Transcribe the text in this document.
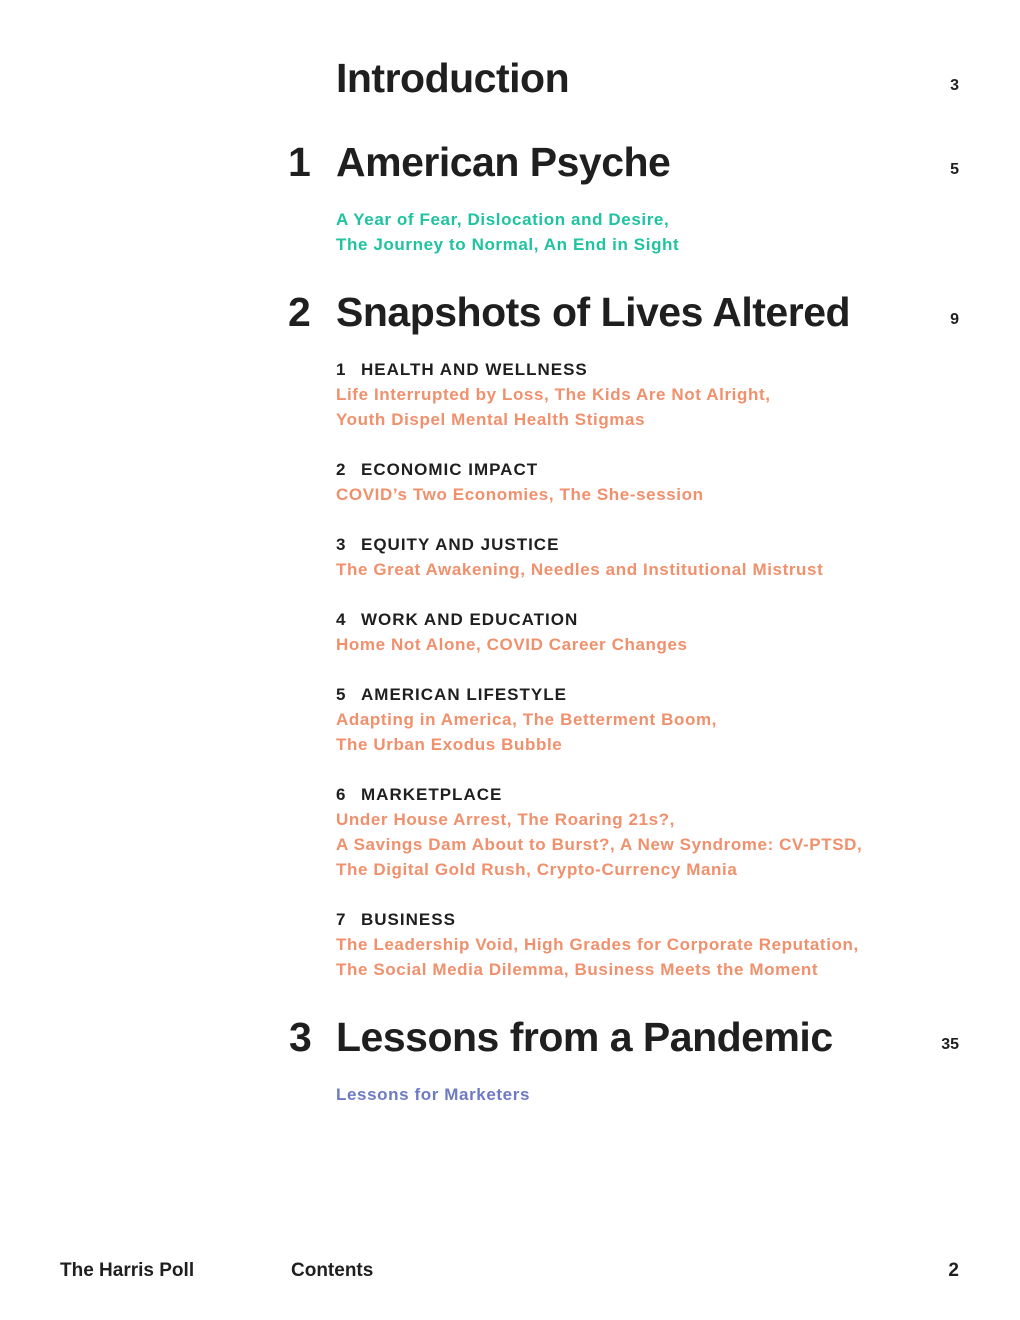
Introduction	3
1 American Psyche	5
A Year of Fear, Dislocation and Desire,
The Journey to Normal, An End in Sight
2 Snapshots of Lives Altered	9
1 HEALTH AND WELLNESS
Life Interrupted by Loss, The Kids Are Not Alright,
Youth Dispel Mental Health Stigmas
2 ECONOMIC IMPACT
COVID’s Two Economies, The She-session
3 EQUITY AND JUSTICE
The Great Awakening, Needles and Institutional Mistrust
4 WORK AND EDUCATION
Home Not Alone, COVID Career Changes
5 AMERICAN LIFESTYLE
Adapting in America, The Betterment Boom,
The Urban Exodus Bubble
6 MARKETPLACE
Under House Arrest, The Roaring 21s?,
A Savings Dam About to Burst?, A New Syndrome: CV-PTSD,
The Digital Gold Rush, Crypto-Currency Mania
7 BUSINESS
The Leadership Void, High Grades for Corporate Reputation,
The Social Media Dilemma, Business Meets the Moment
3 Lessons from a Pandemic	35
Lessons for Marketers
The Harris Poll	Contents	2
